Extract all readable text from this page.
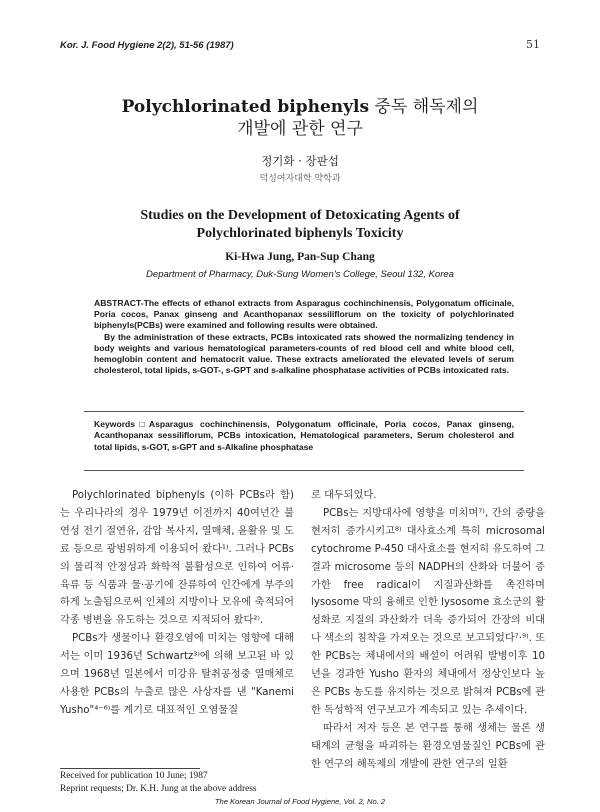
Kor. J. Food Hygiene 2(2), 51-56 (1987)	51
Polychlorinated biphenyls 중독 해독제의
개발에 관한 연구
정기화 · 장판섭
덕성여자대학 약학과
Studies on the Development of Detoxicating Agents of
Polychlorinated biphenyls Toxicity
Ki-Hwa Jung, Pan-Sup Chang
Department of Pharmacy, Duk-Sung Women's College, Seoul 132, Korea

ABSTRACT-The effects of ethanol extracts from Asparagus cochinchinensis, Polygonatum officinale, Poria cocos, Panax ginseng and Acanthopanax sessiliflorum on the toxicity of polychlorinated biphenyls(PCBs) were examined and following results were obtained.

By the administration of these extracts, PCBs intoxicated rats showed the normalizing tendency in body weights and various hematological parameters-counts of red blood cell and white blood cell, hemoglobin content and hematocrit value. These extracts ameliorated the elevated levels of serum cholesterol, total lipids, s-GOT-, s-GPT and s-alkaline phosphatase activities of PCBs intoxicated rats.

Keywords□Asparagus cochinchinensis, Polygonatum officinale, Poria cocos, Panax ginseng, Acanthopanax sessiliflorum, PCBs intoxication, Hematological parameters, Serum cholesterol and total lipids, s-GOT, s-GPT and s-Alkaline phosphatase

Polychlorinated biphenyls (이하 PCBs라 함)는 우리나라의 경우 1979년 이전까지 40여년간 불연성 전기 절연유, 감압 복사지, 열매체, 윤활유 및 도료 등으로 광범위하게 이용되어 왔다¹⁾. 그러나 PCBs의 물리적 안정성과 화학적 불활성으로 인하여 어류·육류 등 식품과 물·공기에 잔류하여 인간에게 부주의하게 노출됨으로써 인체의 지방이나 모유에 축적되어 각종 병변을 유도하는 것으로 지적되어 왔다²⁾.

PCBs가 생물이나 환경오염에 미치는 영향에 대해서는 이미 1936년 Schwartz³⁾에 의해 보고된 바 있으며 1968년 일본에서 미강유 탈취공정중 열매체로 사용한 PCBs의 누출로 많은 사상자를 낸 "Kanemi Yusho"⁴⁻⁶⁾를 계기로 대표적인 오염물질

로 대두되었다.

PCBs는 지방대사에 영향을 미치며⁷⁾, 간의 중량을 현저히 증가시키고⁸⁾ 대사효소계 특히 microsomal cytochrome P-450 대사효소를 현저히 유도하여 그 결과 microsome 등의 NADPH의 산화와 더불어 증가한 free radical이 지질과산화를 촉진하며 lysosome 막의 융해로 인한 lysosome 효소군의 활성화로 지질의 과산화가 더욱 증가되어 간장의 비대나 색소의 침착을 가져오는 것으로 보고되었다⁷·⁹⁾. 또한 PCBs는 체내에서의 배설이 어려워 발병이후 10년을 경과한 Yusho 환자의 체내에서 정상인보다 높은 PCBs 농도를 유지하는 것으로 밝혀져 PCBs에 관한 독성학적 연구보고가 계속되고 있는 추세이다.

따라서 저자 등은 본 연구를 통해 생체는 물론 생태계의 균형을 파괴하는 환경오염물질인 PCBs에 관한 연구의 해독제의 개발에 관한 연구의 일환

Received for publication 10 June; 1987
Reprint requests; Dr. K.H. Jung at the above address
The Korean Journal of Food Hygiene, Vol. 2, No. 2
